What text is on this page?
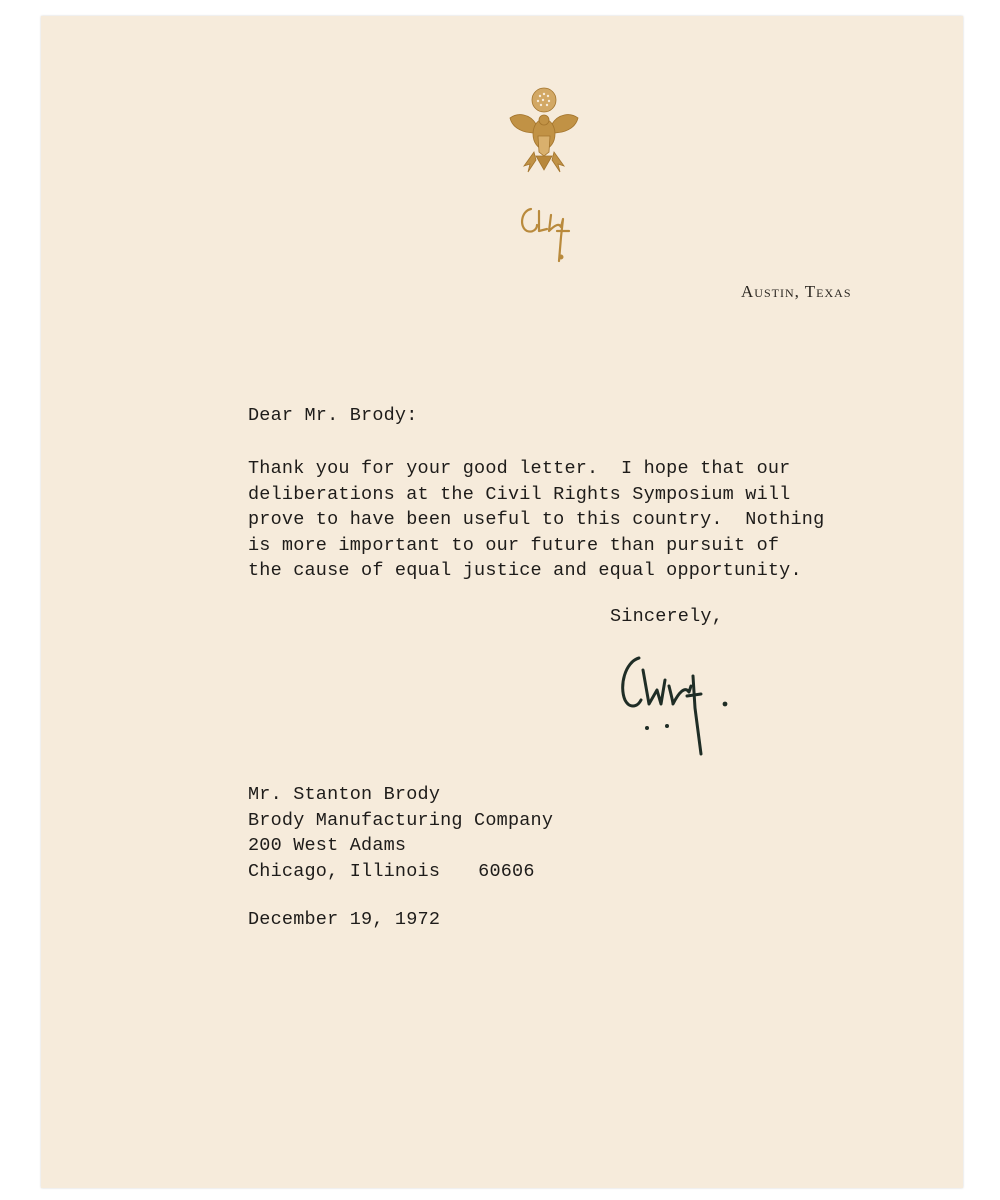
Austin, Texas
Dear Mr. Brody:
Thank you for your good letter.  I hope that our
deliberations at the Civil Rights Symposium will
prove to have been useful to this country.  Nothing
is more important to our future than pursuit of
the cause of equal justice and equal opportunity.
Sincerely,
Mr. Stanton Brody
Brody Manufacturing Company
200 West Adams
Chicago, Illinois 60606
December 19, 1972
